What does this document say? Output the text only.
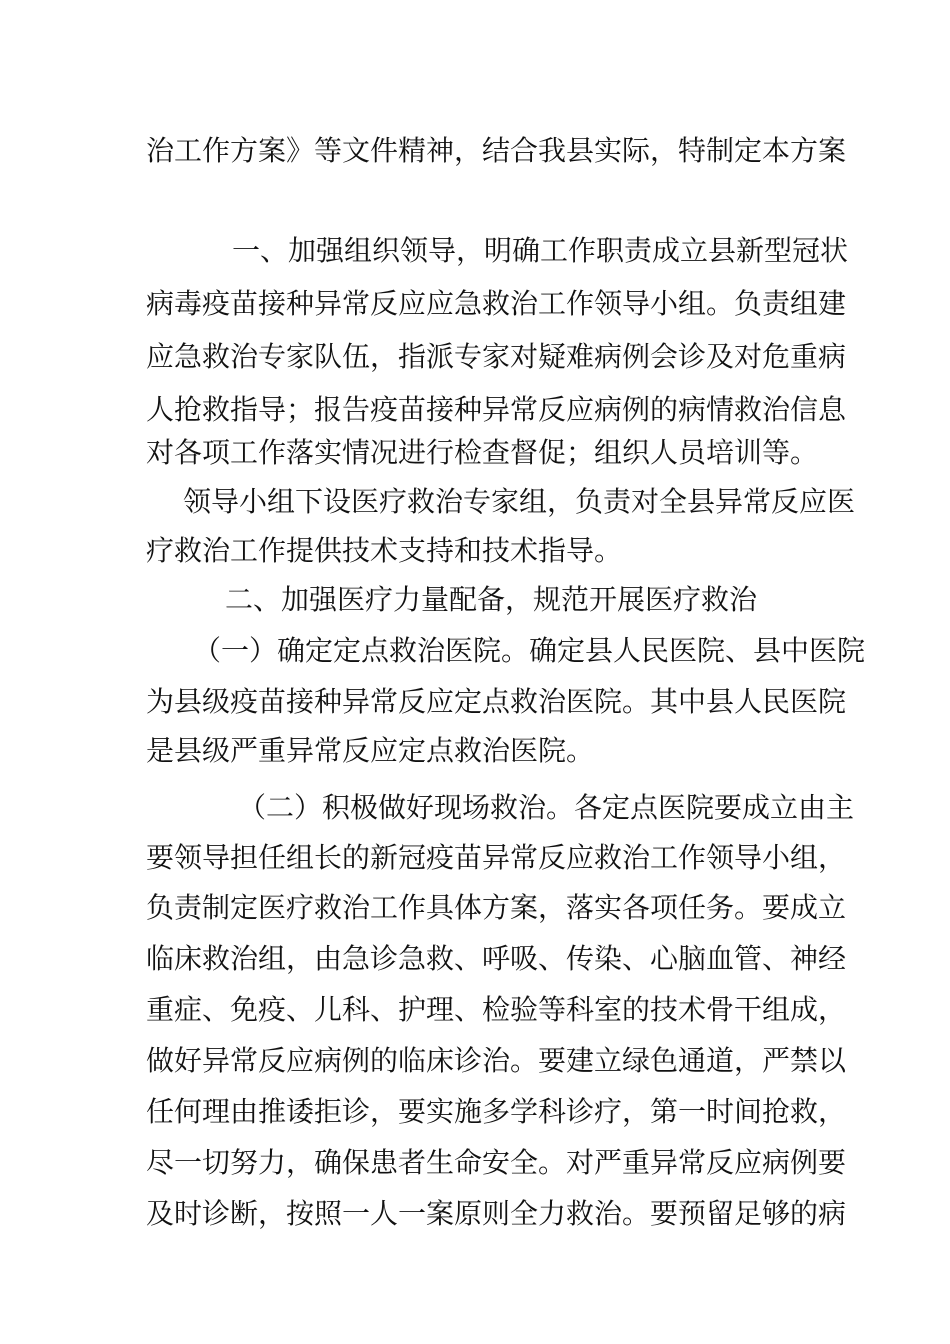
治工作方案》等文件精神，结合我县实际，特制定本方案
一、加强组织领导，明确工作职责成立县新型冠状
病毒疫苗接种异常反应应急救治工作领导小组。负责组建
应急救治专家队伍，指派专家对疑难病例会诊及对危重病
人抢救指导；报告疫苗接种异常反应病例的病情救治信息
对各项工作落实情况进行检查督促；组织人员培训等。
领导小组下设医疗救治专家组，负责对全县异常反应医
疗救治工作提供技术支持和技术指导。
二、加强医疗力量配备，规范开展医疗救治
（一）确定定点救治医院。确定县人民医院、县中医院
为县级疫苗接种异常反应定点救治医院。其中县人民医院
是县级严重异常反应定点救治医院。
（二）积极做好现场救治。各定点医院要成立由主
要领导担任组长的新冠疫苗异常反应救治工作领导小组，
负责制定医疗救治工作具体方案，落实各项任务。要成立
临床救治组，由急诊急救、呼吸、传染、心脑血管、神经
重症、免疫、儿科、护理、检验等科室的技术骨干组成，
做好异常反应病例的临床诊治。要建立绿色通道，严禁以
任何理由推诿拒诊，要实施多学科诊疗，第一时间抢救，
尽一切努力，确保患者生命安全。对严重异常反应病例要
及时诊断，按照一人一案原则全力救治。要预留足够的病
